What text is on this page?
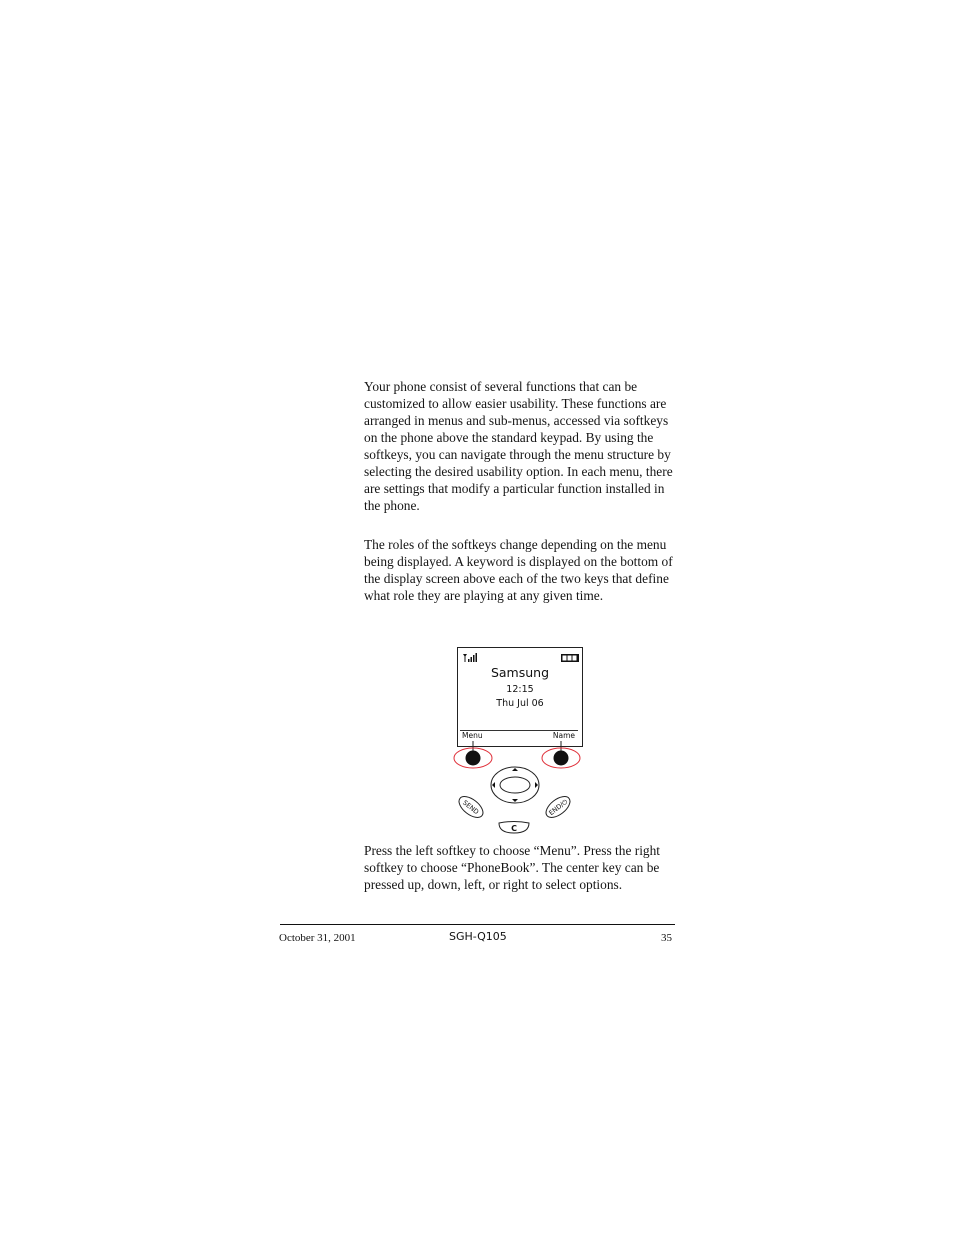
Your phone consist of several functions that can be customized to allow easier usability. These functions are arranged in menus and sub-menus, accessed via softkeys on the phone above the standard keypad. By using the softkeys, you can navigate through the menu structure by selecting the desired usability option. In each menu, there are settings that modify a particular function installed in the phone.

The roles of the softkeys change depending on the menu being displayed. A keyword is displayed on the bottom of the display screen above each of the two keys that define what role they are playing at any given time.

Samsung
12:15
Thu Jul 06
Menu	Name
SEND	END/⏻
C

Press the left softkey to choose “Menu”. Press the right softkey to choose “PhoneBook”. The center key can be pressed up, down, left, or right to select options.

October 31, 2001	SGH-Q105	35
